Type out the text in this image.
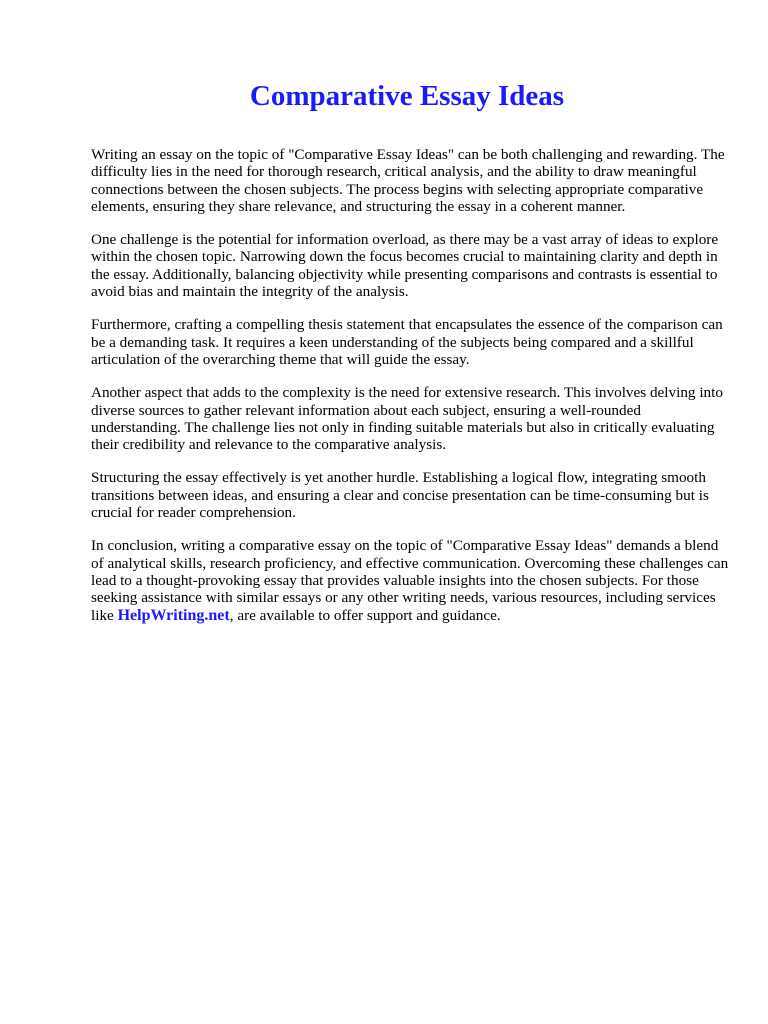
Comparative Essay Ideas

Writing an essay on the topic of "Comparative Essay Ideas" can be both challenging and rewarding. The difficulty lies in the need for thorough research, critical analysis, and the ability to draw meaningful connections between the chosen subjects. The process begins with selecting appropriate comparative elements, ensuring they share relevance, and structuring the essay in a coherent manner.

One challenge is the potential for information overload, as there may be a vast array of ideas to explore within the chosen topic. Narrowing down the focus becomes crucial to maintaining clarity and depth in the essay. Additionally, balancing objectivity while presenting comparisons and contrasts is essential to avoid bias and maintain the integrity of the analysis.

Furthermore, crafting a compelling thesis statement that encapsulates the essence of the comparison can be a demanding task. It requires a keen understanding of the subjects being compared and a skillful articulation of the overarching theme that will guide the essay.

Another aspect that adds to the complexity is the need for extensive research. This involves delving into diverse sources to gather relevant information about each subject, ensuring a well-rounded understanding. The challenge lies not only in finding suitable materials but also in critically evaluating their credibility and relevance to the comparative analysis.

Structuring the essay effectively is yet another hurdle. Establishing a logical flow, integrating smooth transitions between ideas, and ensuring a clear and concise presentation can be time-consuming but is crucial for reader comprehension.

In conclusion, writing a comparative essay on the topic of "Comparative Essay Ideas" demands a blend of analytical skills, research proficiency, and effective communication. Overcoming these challenges can lead to a thought-provoking essay that provides valuable insights into the chosen subjects. For those seeking assistance with similar essays or any other writing needs, various resources, including services like HelpWriting.net, are available to offer support and guidance.
